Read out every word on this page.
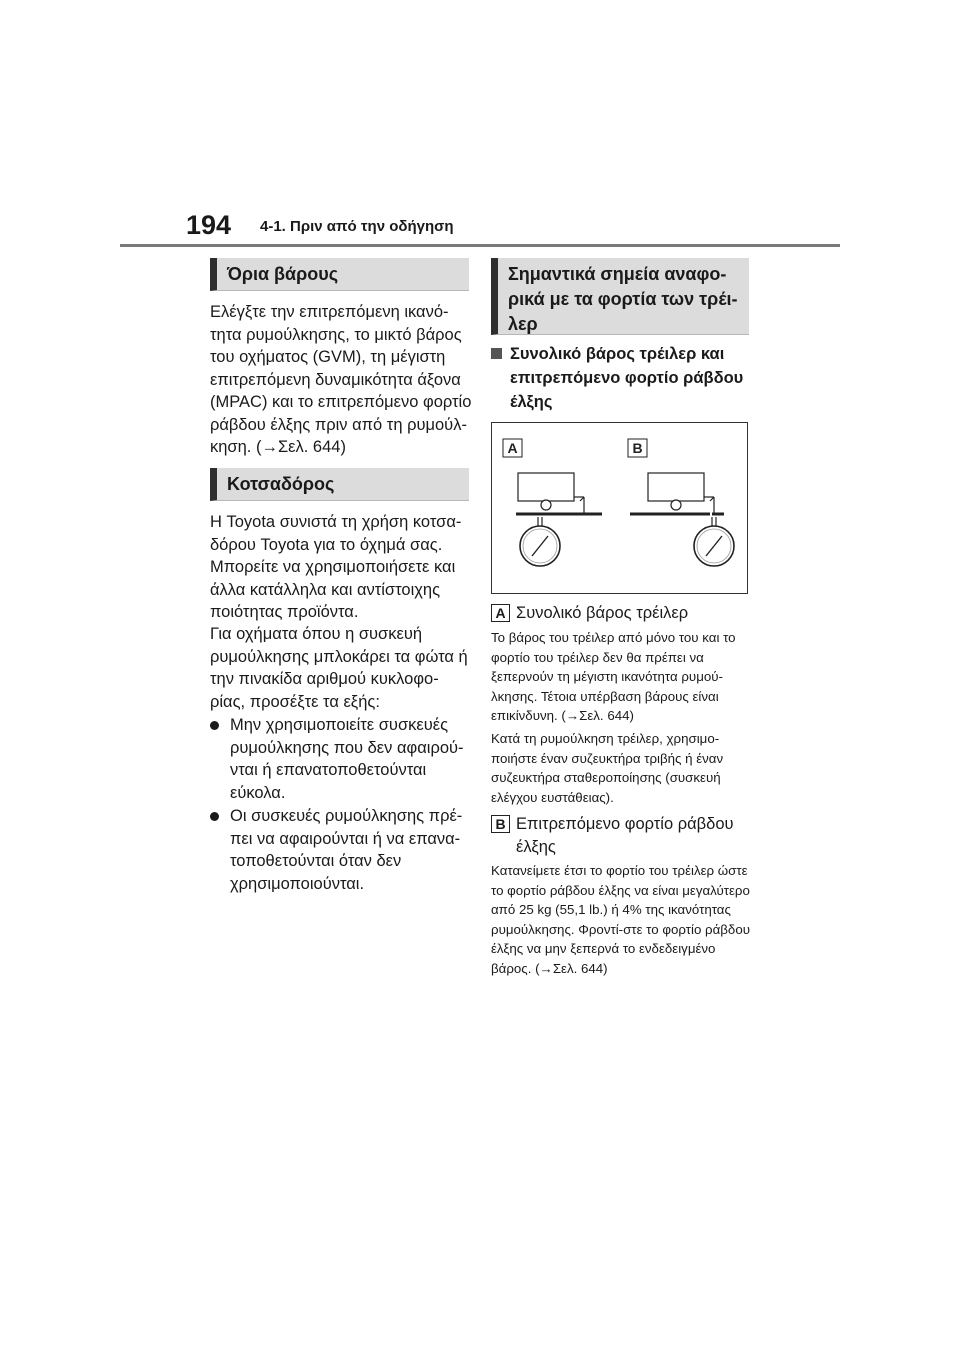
194 4-1. Πριν από την οδήγηση
Όρια βάρους
Ελέγξτε την επιτρεπόμενη ικανό-τητα ρυμούλκησης, το μικτό βάρος του οχήματος (GVM), τη μέγιστη επιτρεπόμενη δυναμικότητα άξονα (MPAC) και το επιτρεπόμενο φορτίο ράβδου έλξης πριν από τη ρυμούλ-κηση. (→Σελ. 644)
Κοτσαδόρος
Η Toyota συνιστά τη χρήση κοτσα-δόρου Toyota για το όχημά σας. Μπορείτε να χρησιμοποιήσετε και άλλα κατάλληλα και αντίστοιχης ποιότητας προϊόντα.
Για οχήματα όπου η συσκευή ρυμούλκησης μπλοκάρει τα φώτα ή την πινακίδα αριθμού κυκλοφο-ρίας, προσέξτε τα εξής:
Μην χρησιμοποιείτε συσκευές ρυμούλκησης που δεν αφαιρού-νται ή επανατοποθετούνται εύκολα.
Οι συσκευές ρυμούλκησης πρέ-πει να αφαιρούνται ή να επανα-τοποθετούνται όταν δεν χρησιμοποιούνται.
Σημαντικά σημεία αναφο-ρικά με τα φορτία των τρέι-λερ
Συνολικό βάρος τρέιλερ και επιτρεπόμενο φορτίο ράβδου έλξης
A	B
A Συνολικό βάρος τρέιλερ
Το βάρος του τρέιλερ από μόνο του και το φορτίο του τρέιλερ δεν θα πρέπει να ξεπερνούν τη μέγιστη ικανότητα ρυμού-λκησης. Τέτοια υπέρβαση βάρους είναι επικίνδυνη. (→Σελ. 644)
Κατά τη ρυμούλκηση τρέιλερ, χρησιμο-ποιήστε έναν συζευκτήρα τριβής ή έναν συζευκτήρα σταθεροποίησης (συσκευή ελέγχου ευστάθειας).
B Επιτρεπόμενο φορτίο ράβδου έλξης
Κατανείμετε έτσι το φορτίο του τρέιλερ ώστε το φορτίο ράβδου έλξης να είναι μεγαλύτερο από 25 kg (55,1 lb.) ή 4% της ικανότητας ρυμούλκησης. Φροντί-στε το φορτίο ράβδου έλξης να μην ξεπερνά το ενδεδειγμένο βάρος. (→Σελ. 644)
